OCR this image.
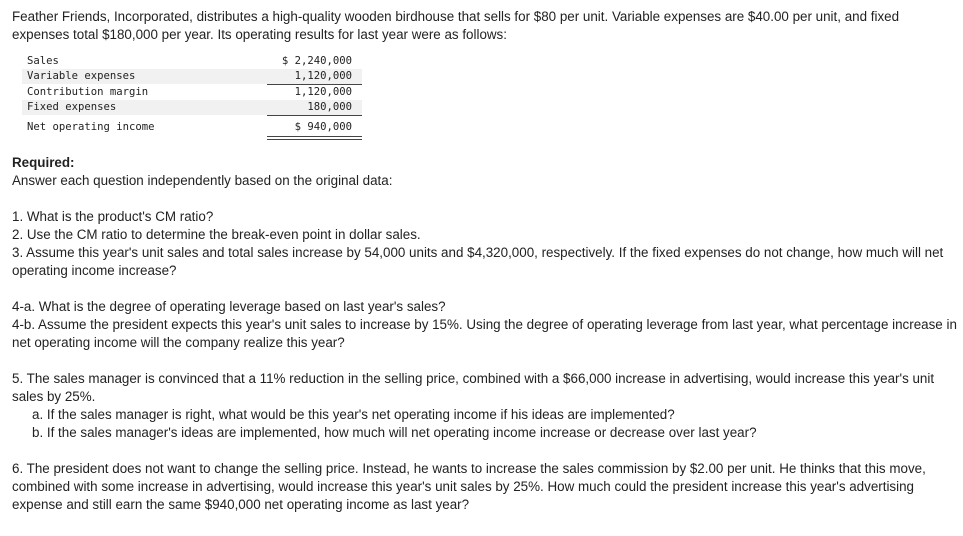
Feather Friends, Incorporated, distributes a high-quality wooden birdhouse that sells for $80 per unit. Variable expenses are $40.00 per unit, and fixed expenses total $180,000 per year. Its operating results for last year were as follows:

Sales	$ 2,240,000
Variable expenses	1,120,000
Contribution margin	1,120,000
Fixed expenses	180,000
Net operating income	$ 940,000
Required:

Answer each question independently based on the original data:

1. What is the product's CM ratio?

2. Use the CM ratio to determine the break-even point in dollar sales.

3. Assume this year's unit sales and total sales increase by 54,000 units and $4,320,000, respectively. If the fixed expenses do not change, how much will net operating income increase?

4-a. What is the degree of operating leverage based on last year's sales?

4-b. Assume the president expects this year's unit sales to increase by 15%. Using the degree of operating leverage from last year, what percentage increase in net operating income will the company realize this year?

5. The sales manager is convinced that a 11% reduction in the selling price, combined with a $66,000 increase in advertising, would increase this year's unit sales by 25%.

a. If the sales manager is right, what would be this year's net operating income if his ideas are implemented?

b. If the sales manager's ideas are implemented, how much will net operating income increase or decrease over last year?

6. The president does not want to change the selling price. Instead, he wants to increase the sales commission by $2.00 per unit. He thinks that this move, combined with some increase in advertising, would increase this year's unit sales by 25%. How much could the president increase this year's advertising expense and still earn the same $940,000 net operating income as last year?
